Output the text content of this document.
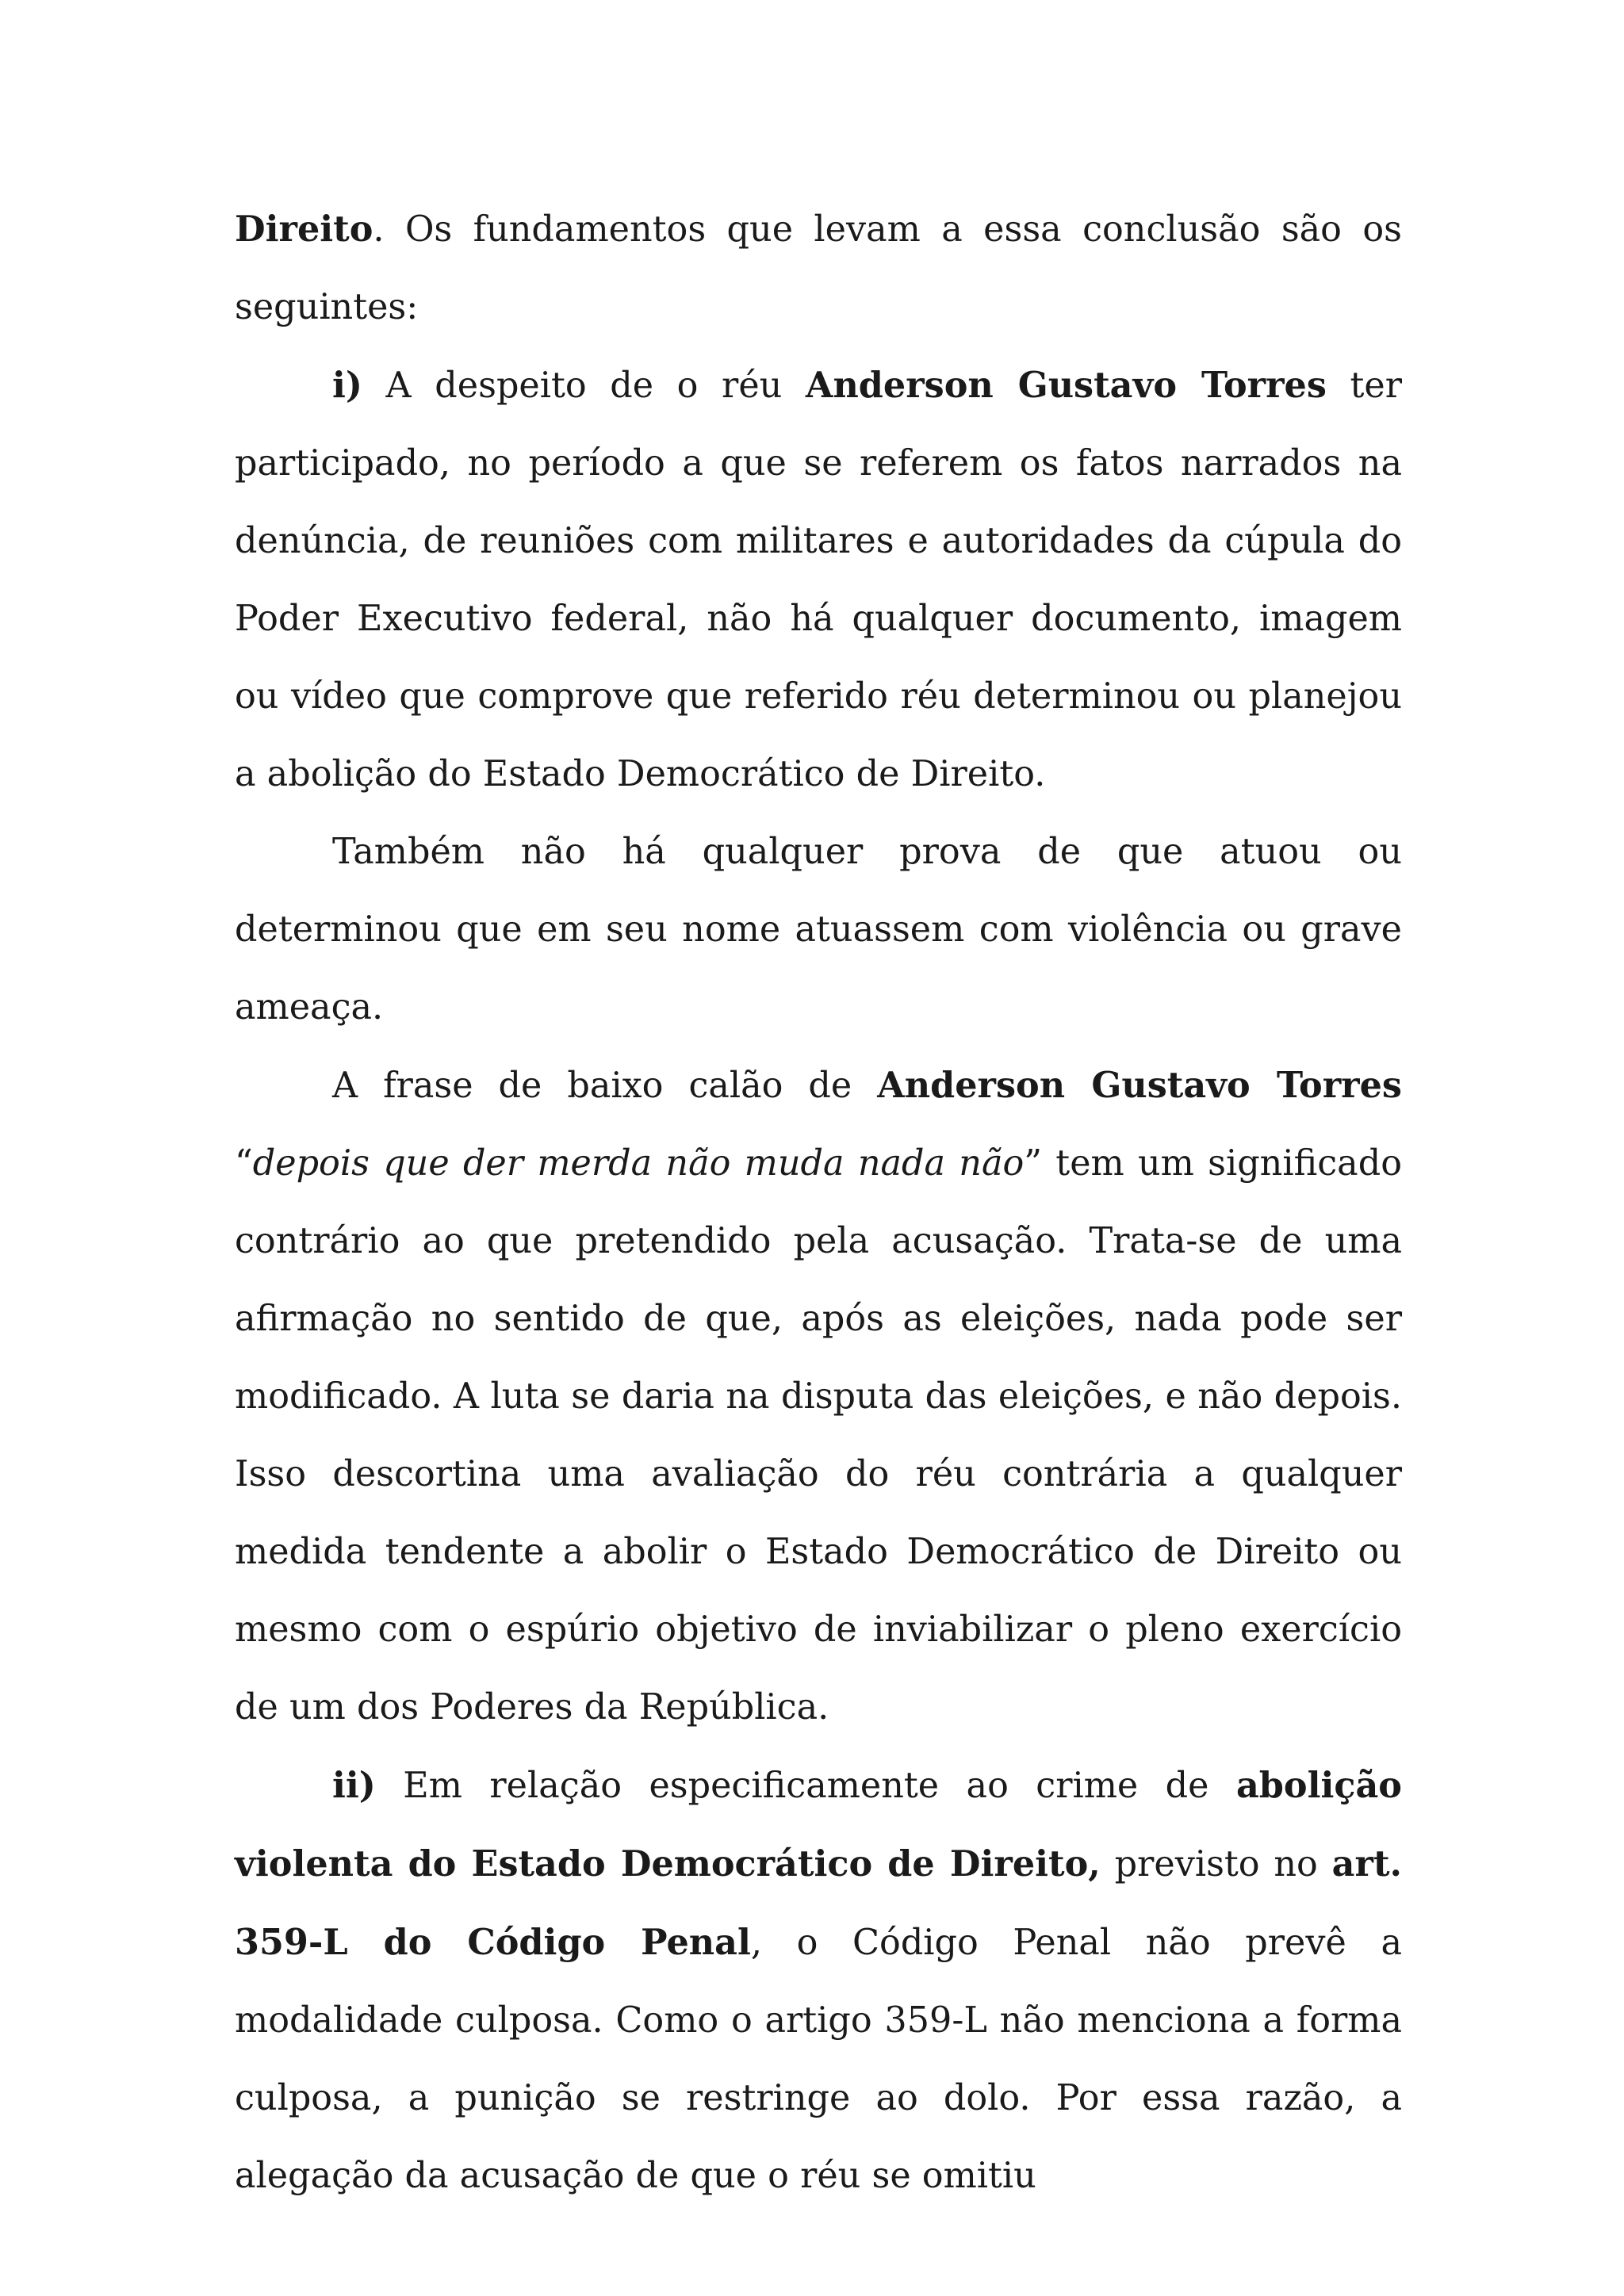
Direito. Os fundamentos que levam a essa conclusão são os seguintes:

i) A despeito de o réu Anderson Gustavo Torres ter participado, no período a que se referem os fatos narrados na denúncia, de reuniões com militares e autoridades da cúpula do Poder Executivo federal, não há qualquer documento, imagem ou vídeo que comprove que referido réu determinou ou planejou a abolição do Estado Democrático de Direito.

Também não há qualquer prova de que atuou ou determinou que em seu nome atuassem com violência ou grave ameaça.

A frase de baixo calão de Anderson Gustavo Torres “depois que der merda não muda nada não” tem um significado contrário ao que pretendido pela acusação. Trata-se de uma afirmação no sentido de que, após as eleições, nada pode ser modificado. A luta se daria na disputa das eleições, e não depois. Isso descortina uma avaliação do réu contrária a qualquer medida tendente a abolir o Estado Democrático de Direito ou mesmo com o espúrio objetivo de inviabilizar o pleno exercício de um dos Poderes da República.

ii) Em relação especificamente ao crime de abolição violenta do Estado Democrático de Direito, previsto no art. 359-L do Código Penal, o Código Penal não prevê a modalidade culposa. Como o artigo 359-L não menciona a forma culposa, a punição se restringe ao dolo. Por essa razão, a alegação da acusação de que o réu se omitiu
